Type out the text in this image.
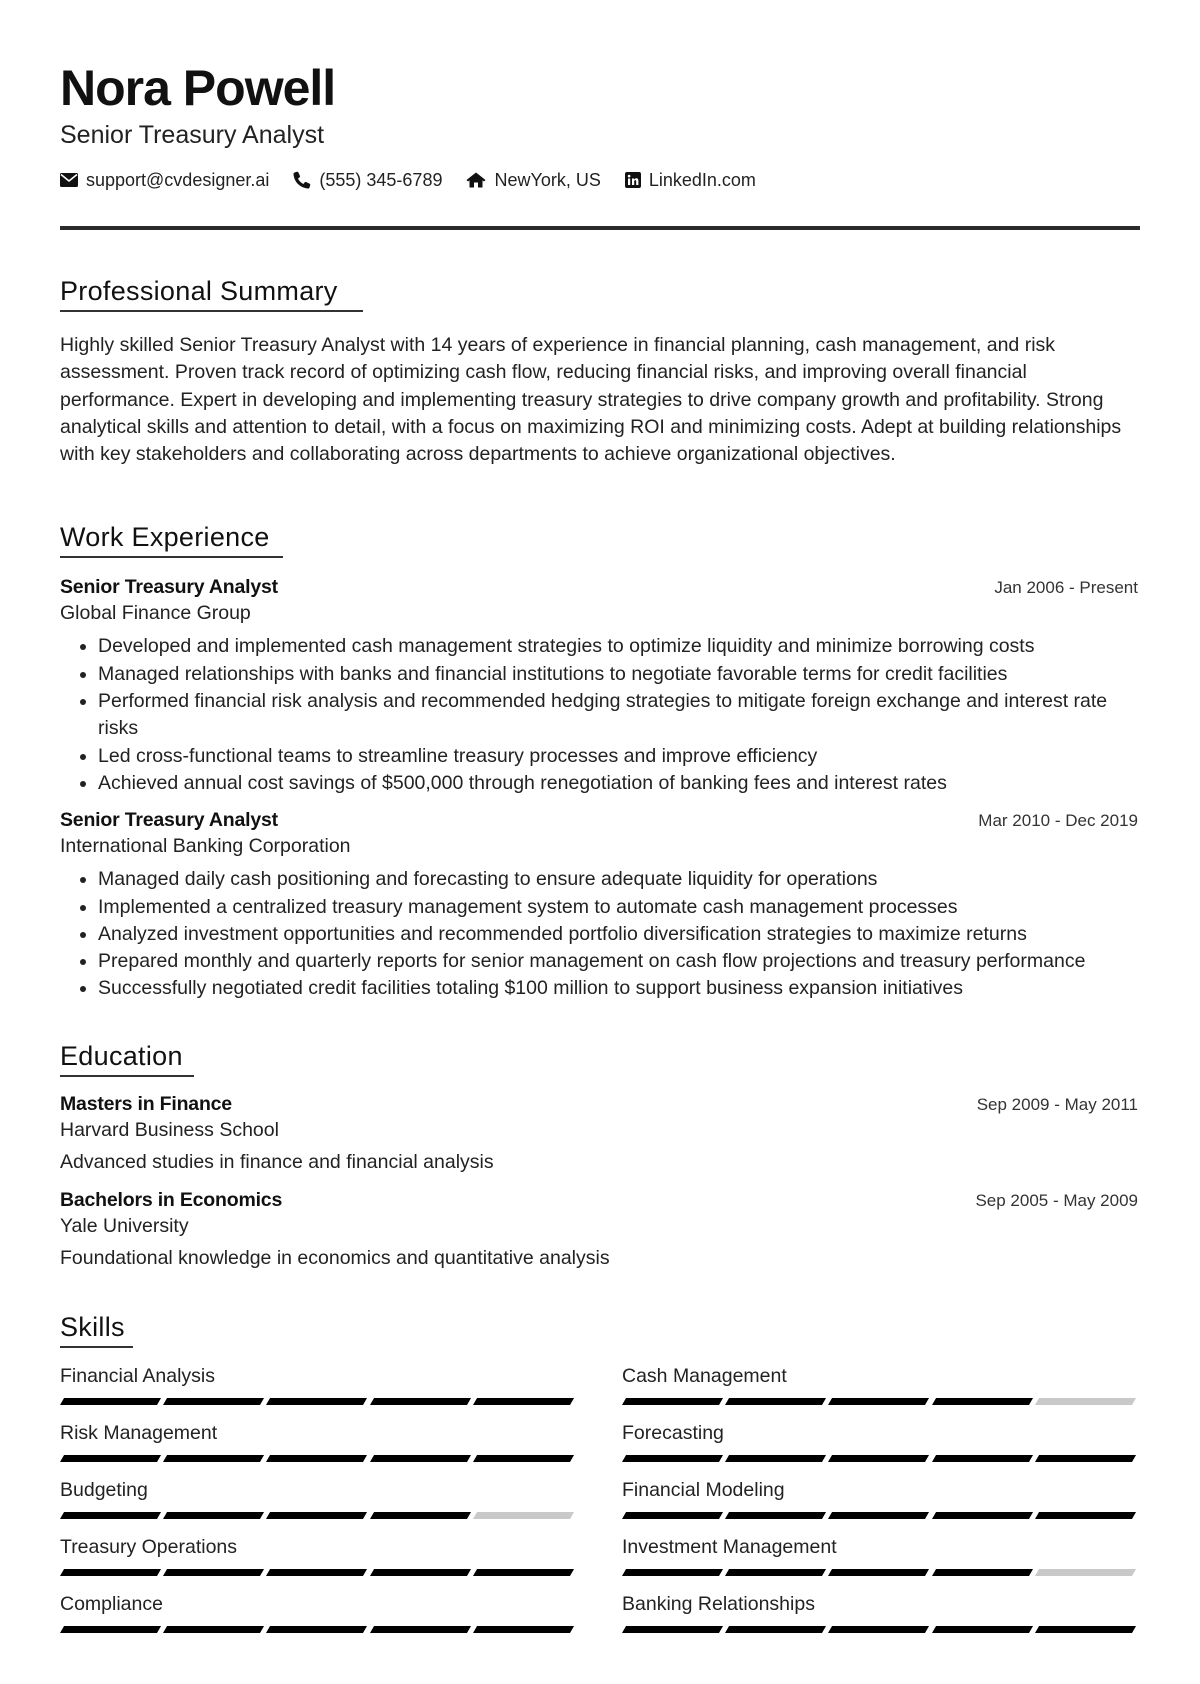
Nora Powell
Senior Treasury Analyst
support@cvdesigner.ai	(555) 345-6789	NewYork, US	LinkedIn.com
Professional Summary
Highly skilled Senior Treasury Analyst with 14 years of experience in financial planning, cash management, and risk assessment. Proven track record of optimizing cash flow, reducing financial risks, and improving overall financial performance. Expert in developing and implementing treasury strategies to drive company growth and profitability. Strong analytical skills and attention to detail, with a focus on maximizing ROI and minimizing costs. Adept at building relationships with key stakeholders and collaborating across departments to achieve organizational objectives.
Work Experience
Senior Treasury Analyst	Jan 2006 - Present
Global Finance Group
• Developed and implemented cash management strategies to optimize liquidity and minimize borrowing costs
• Managed relationships with banks and financial institutions to negotiate favorable terms for credit facilities
• Performed financial risk analysis and recommended hedging strategies to mitigate foreign exchange and interest rate risks
• Led cross-functional teams to streamline treasury processes and improve efficiency
• Achieved annual cost savings of $500,000 through renegotiation of banking fees and interest rates
Senior Treasury Analyst	Mar 2010 - Dec 2019
International Banking Corporation
• Managed daily cash positioning and forecasting to ensure adequate liquidity for operations
• Implemented a centralized treasury management system to automate cash management processes
• Analyzed investment opportunities and recommended portfolio diversification strategies to maximize returns
• Prepared monthly and quarterly reports for senior management on cash flow projections and treasury performance
• Successfully negotiated credit facilities totaling $100 million to support business expansion initiatives
Education
Masters in Finance	Sep 2009 - May 2011
Harvard Business School
Advanced studies in finance and financial analysis
Bachelors in Economics	Sep 2005 - May 2009
Yale University
Foundational knowledge in economics and quantitative analysis
Skills
Financial Analysis	Cash Management
Risk Management	Forecasting
Budgeting	Financial Modeling
Treasury Operations	Investment Management
Compliance	Banking Relationships
